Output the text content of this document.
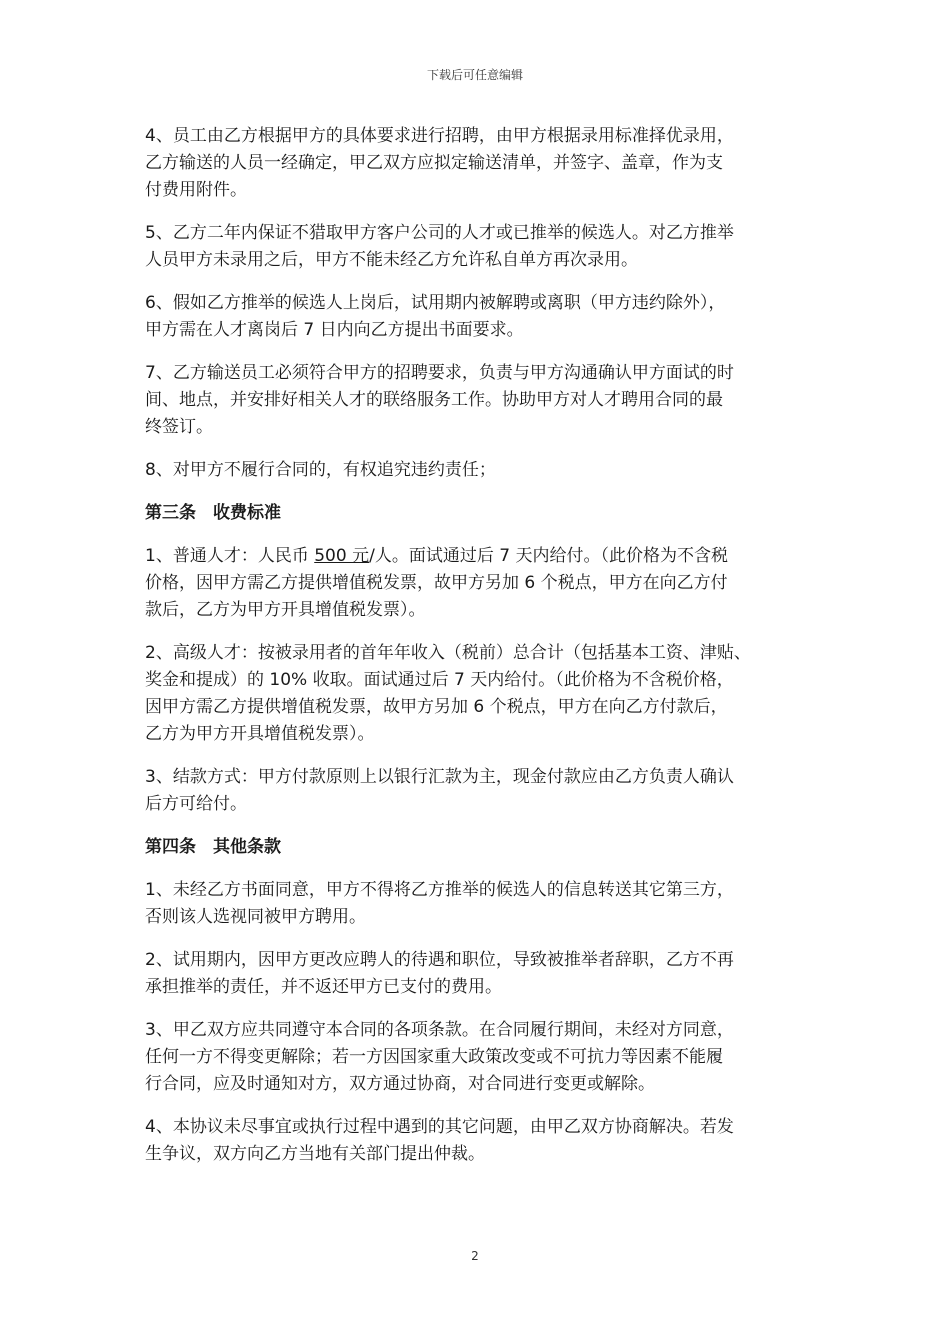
下载后可任意编辑

4、员工由乙方根据甲方的具体要求进行招聘，由甲方根据录用标准择优录用，
乙方输送的人员一经确定，甲乙双方应拟定输送清单，并签字、盖章，作为支
付费用附件。

5、乙方二年内保证不猎取甲方客户公司的人才或已推举的候选人。对乙方推举
人员甲方未录用之后，甲方不能未经乙方允许私自单方再次录用。

6、假如乙方推举的候选人上岗后，试用期内被解聘或离职（甲方违约除外），
甲方需在人才离岗后 7 日内向乙方提出书面要求。

7、乙方输送员工必须符合甲方的招聘要求，负责与甲方沟通确认甲方面试的时
间、地点，并安排好相关人才的联络服务工作。协助甲方对人才聘用合同的最
终签订。

8、对甲方不履行合同的，有权追究违约责任；

第三条　收费标准

1、普通人才：人民币 500 元/人。面试通过后 7 天内给付。（此价格为不含税
价格，因甲方需乙方提供增值税发票，故甲方另加 6 个税点，甲方在向乙方付
款后，乙方为甲方开具增值税发票）。

2、高级人才：按被录用者的首年年收入（税前）总合计（包括基本工资、津贴、
奖金和提成）的 10% 收取。面试通过后 7 天内给付。（此价格为不含税价格，
因甲方需乙方提供增值税发票，故甲方另加 6 个税点，甲方在向乙方付款后，
乙方为甲方开具增值税发票）。

3、结款方式：甲方付款原则上以银行汇款为主，现金付款应由乙方负责人确认
后方可给付。

第四条　其他条款

1、未经乙方书面同意，甲方不得将乙方推举的候选人的信息转送其它第三方，
否则该人选视同被甲方聘用。

2、试用期内，因甲方更改应聘人的待遇和职位，导致被推举者辞职，乙方不再
承担推举的责任，并不返还甲方已支付的费用。

3、甲乙双方应共同遵守本合同的各项条款。在合同履行期间，未经对方同意，
任何一方不得变更解除；若一方因国家重大政策改变或不可抗力等因素不能履
行合同，应及时通知对方，双方通过协商，对合同进行变更或解除。

4、本协议未尽事宜或执行过程中遇到的其它问题，由甲乙双方协商解决。若发
生争议，双方向乙方当地有关部门提出仲裁。

2
